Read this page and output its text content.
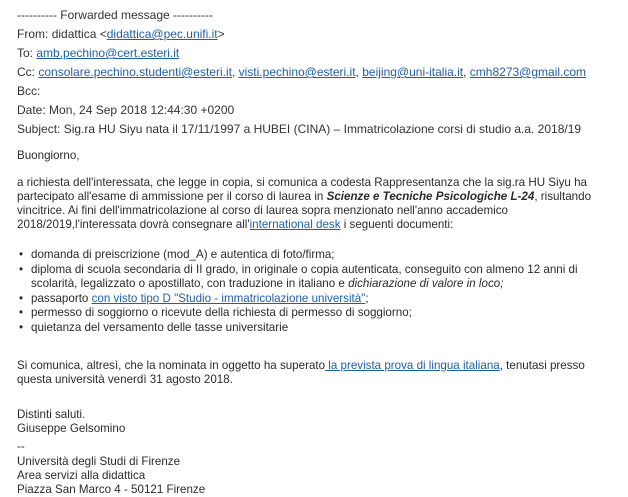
---------- Forwarded message ----------
From: didattica <didattica@pec.unifi.it>
To: amb.pechino@cert.esteri.it
Cc: consolare.pechino.studenti@esteri.it, visti.pechino@esteri.it, beijing@uni-italia.it, cmh8273@gmail.com
Bcc:
Date: Mon, 24 Sep 2018 12:44:30 +0200
Subject: Sig.ra HU Siyu nata il 17/11/1997 a HUBEI (CINA) – Immatricolazione corsi di studio a.a. 2018/19
Buongiorno,
a richiesta dell'interessata, che legge in copia, si comunica a codesta Rappresentanza che la sig.ra HU Siyu ha partecipato all'esame di ammissione per il corso di laurea in Scienze e Tecniche Psicologiche L-24, risultando vincitrice. Ai fini dell'immatricolazione al corso di laurea sopra menzionato nell'anno accademico 2018/2019,l'interessata dovrà consegnare all'international desk i seguenti documenti:
• domanda di preiscrizione (mod_A) e autentica di foto/firma;
• diploma di scuola secondaria di II grado, in originale o copia autenticata, conseguito con almeno 12 anni di scolarità, legalizzato o apostillato, con traduzione in italiano e dichiarazione di valore in loco;
• passaporto con visto tipo D "Studio - immatricolazione università";
• permesso di soggiorno o ricevute della richiesta di permesso di soggiorno;
• quietanza del versamento delle tasse universitarie
Si comunica, altresì, che la nominata in oggetto ha superato la prevista prova di lingua italiana, tenutasi presso questa università venerdì 31 agosto 2018.
Distinti saluti.
Giuseppe Gelsomino
--
Università degli Studi di Firenze
Area servizi alla didattica
Piazza San Marco 4 - 50121 Firenze
